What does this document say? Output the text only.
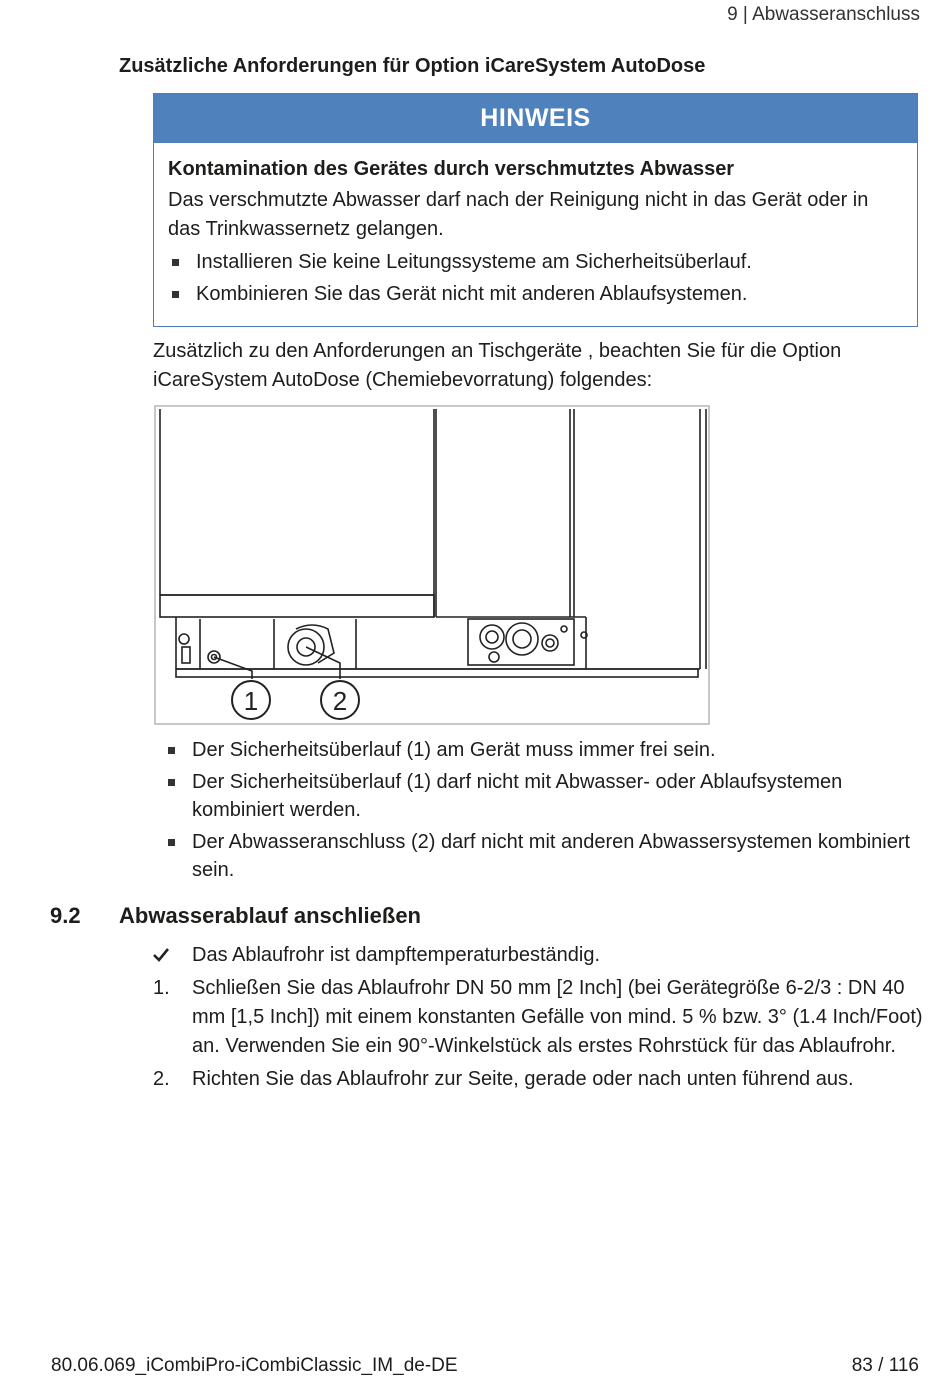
9 | Abwasseranschluss
Zusätzliche Anforderungen für Option iCareSystem AutoDose
HINWEIS
Kontamination des Gerätes durch verschmutztes Abwasser
Das verschmutzte Abwasser darf nach der Reinigung nicht in das Gerät oder in das Trinkwassernetz gelangen.
Installieren Sie keine Leitungssysteme am Sicherheitsüberlauf.
Kombinieren Sie das Gerät nicht mit anderen Ablaufsystemen.
Zusätzlich zu den Anforderungen an Tischgeräte , beachten Sie für die Option iCareSystem AutoDose (Chemiebevorratung) folgendes:
1	2
Der Sicherheitsüberlauf (1) am Gerät muss immer frei sein.
Der Sicherheitsüberlauf (1) darf nicht mit Abwasser- oder Ablaufsystemen kombiniert werden.
Der Abwasseranschluss (2) darf nicht mit anderen Abwassersystemen kombiniert sein.
9.2 Abwasserablauf anschließen
Das Ablaufrohr ist dampftemperaturbeständig.
1. Schließen Sie das Ablaufrohr DN 50 mm [2 Inch] (bei Gerätegröße 6-2/3 : DN 40 mm [1,5 Inch]) mit einem konstanten Gefälle von mind. 5 % bzw. 3° (1.4 Inch/Foot) an. Verwenden Sie ein 90°-Winkelstück als erstes Rohrstück für das Ablaufrohr.
2. Richten Sie das Ablaufrohr zur Seite, gerade oder nach unten führend aus.
80.06.069_iCombiPro-iCombiClassic_IM_de-DE	83 / 116
